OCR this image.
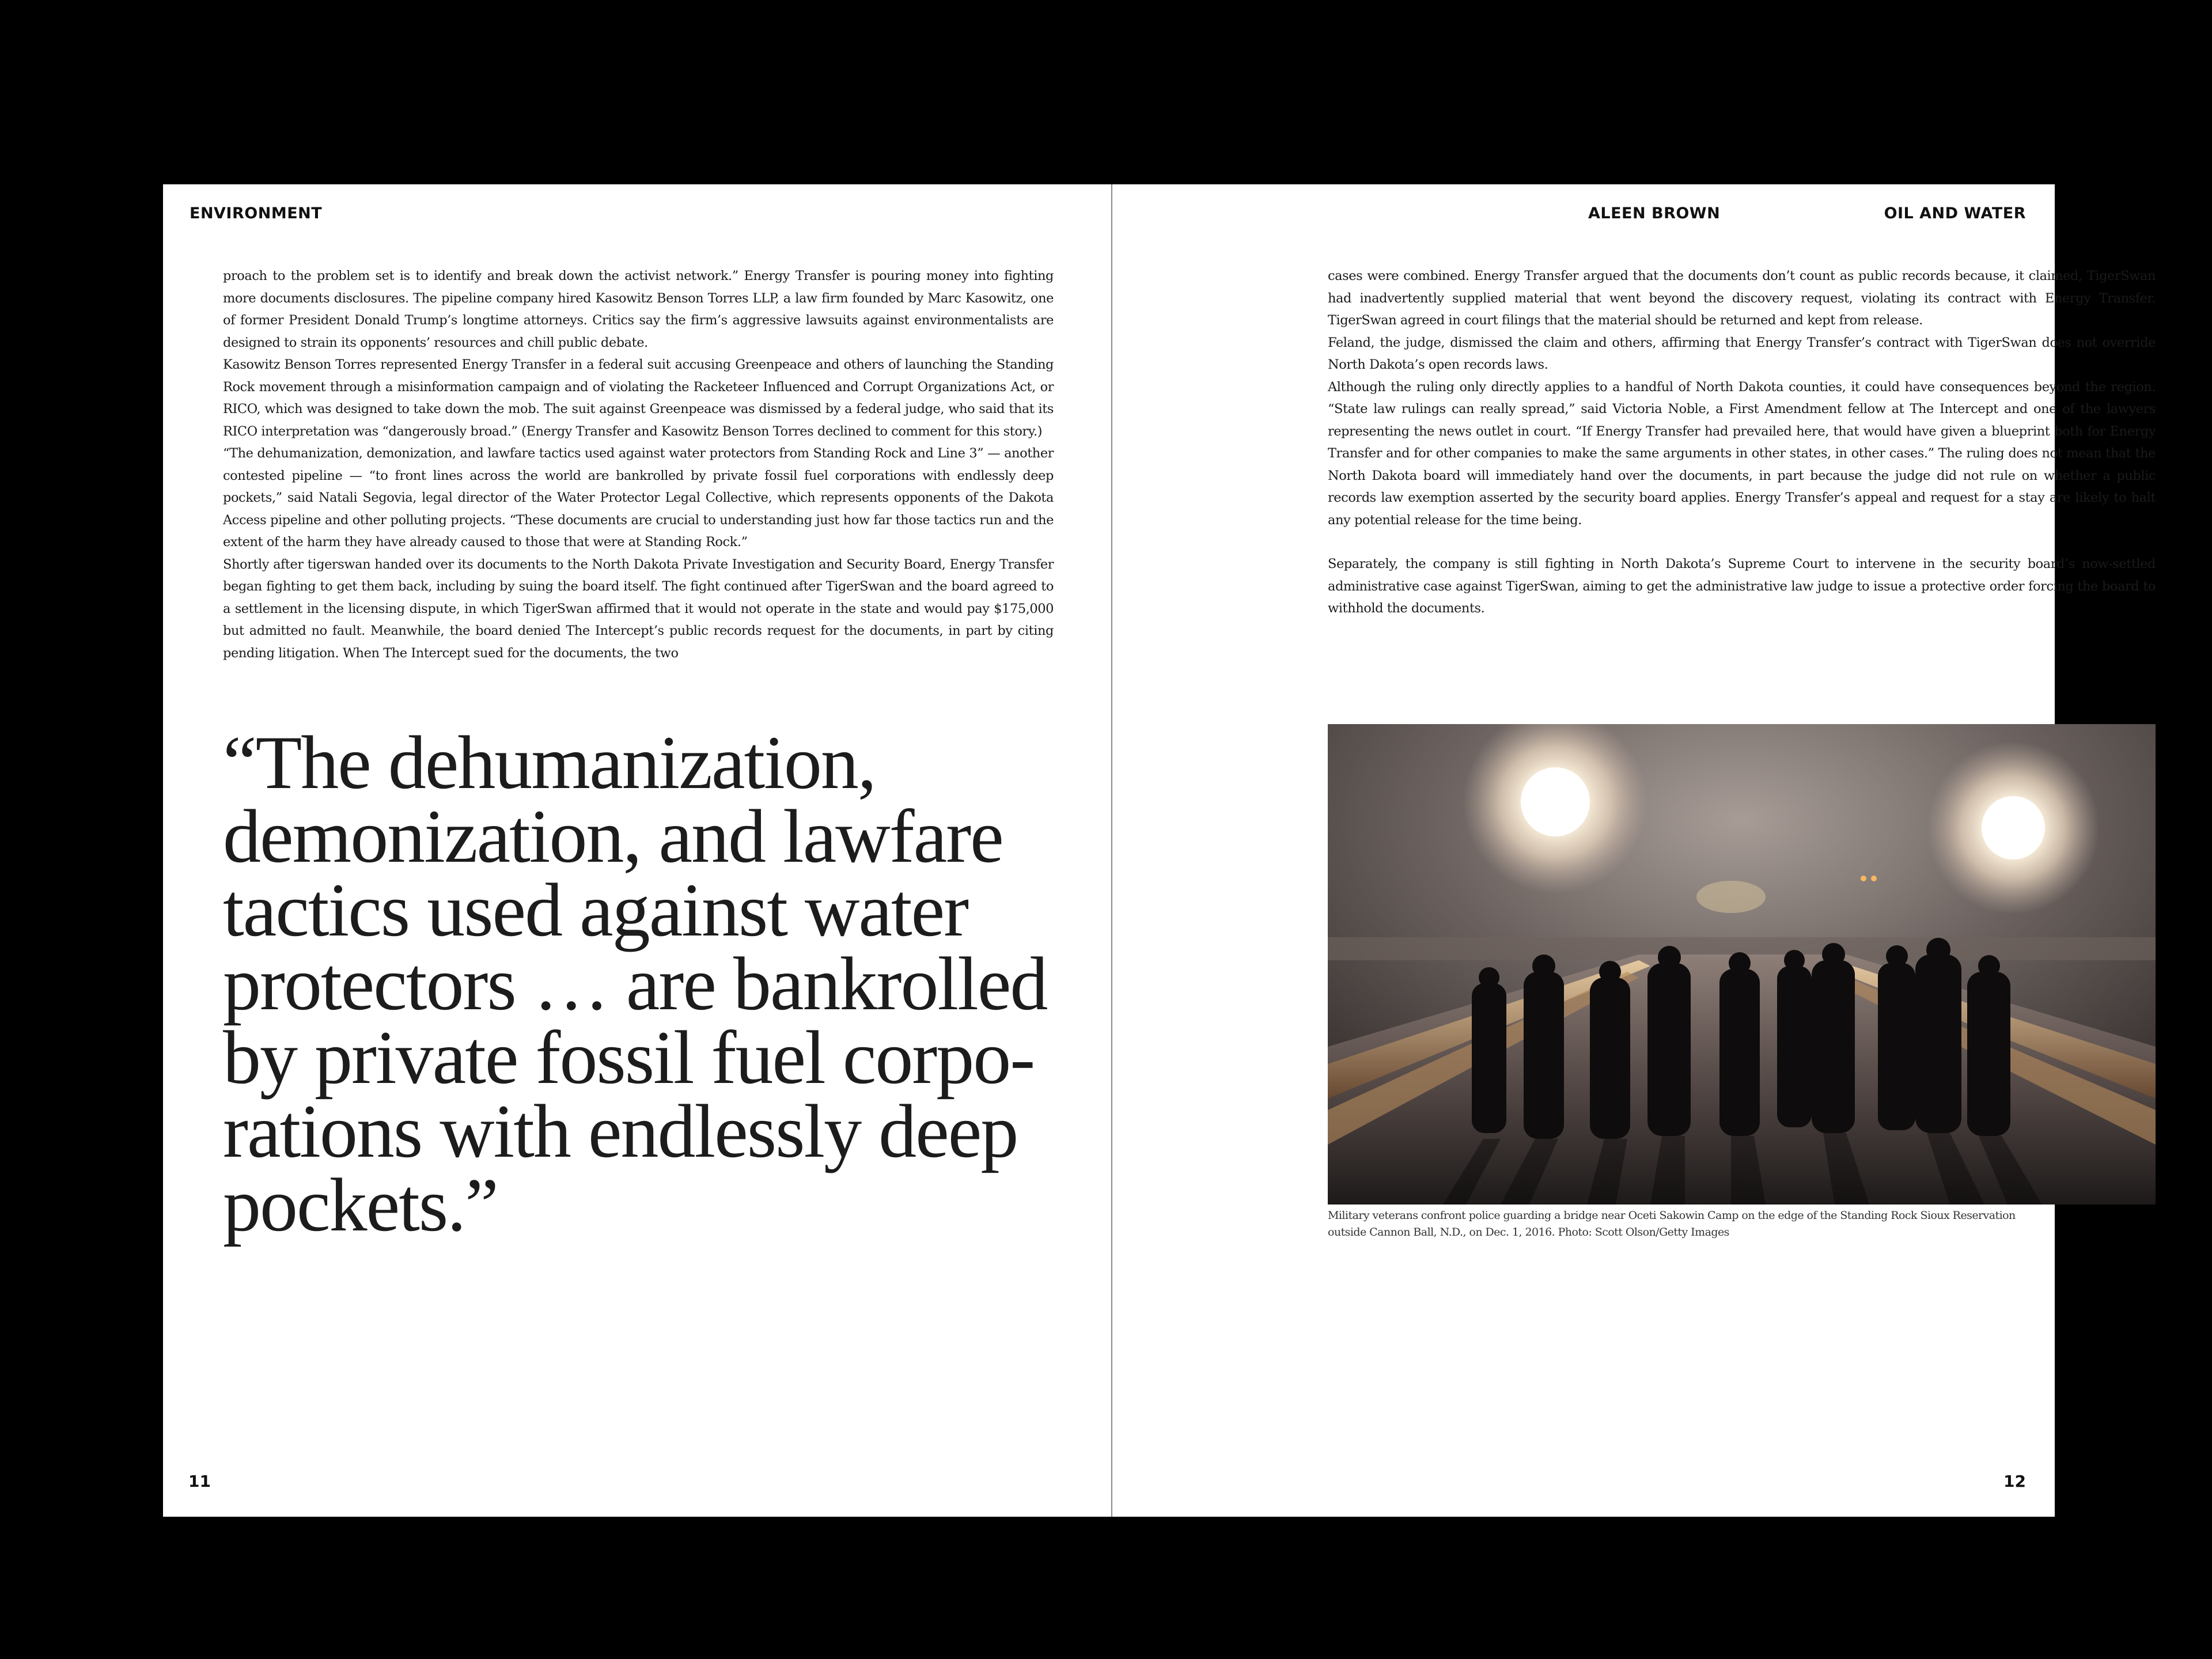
ENVIRONMENT

proach to the problem set is to identify and break down the activist network.” Energy Transfer is pouring money into fighting more documents disclosures. The pipeline company hired Kasowitz Benson Torres LLP, a law firm founded by Marc Kasowitz, one of former President Donald Trump’s longtime attorneys. Critics say the firm’s aggressive lawsuits against environmentalists are designed to strain its opponents’ resources and chill public debate.

Kasowitz Benson Torres represented Energy Transfer in a federal suit accusing Greenpeace and others of launching the Standing Rock movement through a misinformation campaign and of violating the Racketeer Influenced and Corrupt Organizations Act, or RICO, which was designed to take down the mob. The suit against Greenpeace was dismissed by a federal judge, who said that its RICO interpretation was “dangerously broad.” (Energy Transfer and Kasowitz Benson Torres declined to comment for this story.)

“The dehumanization, demonization, and lawfare tactics used against water protectors from Standing Rock and Line 3” — another contested pipeline — “to front lines across the world are bankrolled by private fossil fuel corporations with endlessly deep pockets,” said Natali Segovia, legal director of the Water Protector Legal Collective, which represents opponents of the Dakota Access pipeline and other polluting projects. “These documents are crucial to understanding just how far those tactics run and the extent of the harm they have already caused to those that were at Standing Rock.”

Shortly after tigerswan handed over its documents to the North Dakota Private Investigation and Security Board, Energy Transfer began fighting to get them back, including by suing the board itself. The fight continued after TigerSwan and the board agreed to a settlement in the licensing dispute, in which TigerSwan affirmed that it would not operate in the state and would pay $175,000 but admitted no fault. Meanwhile, the board denied The Intercept’s public records request for the documents, in part by citing pending litigation. When The Intercept sued for the documents, the two

“The dehumanization,
demonization, and lawfare
tactics used against water
protectors … are bankrolled
by private fossil fuel corpo-
rations with endlessly deep
pockets.”
11
ALEEN BROWN	OIL AND WATER

cases were combined. Energy Transfer argued that the documents don’t count as public records because, it claimed, TigerSwan had inadvertently supplied material that went beyond the discovery request, violating its contract with Energy Transfer. TigerSwan agreed in court filings that the material should be returned and kept from release.

Feland, the judge, dismissed the claim and others, affirming that Energy Transfer’s contract with TigerSwan does not override North Dakota’s open records laws.

Although the ruling only directly applies to a handful of North Dakota counties, it could have consequences beyond the region. “State law rulings can really spread,” said Victoria Noble, a First Amendment fellow at The Intercept and one of the lawyers representing the news outlet in court. “If Energy Transfer had prevailed here, that would have given a blueprint both for Energy Transfer and for other companies to make the same arguments in other states, in other cases.” The ruling does not mean that the North Dakota board will immediately hand over the documents, in part because the judge did not rule on whether a public records law exemption asserted by the security board applies. Energy Transfer’s appeal and request for a stay are likely to halt any potential release for the time being.

Separately, the company is still fighting in North Dakota’s Supreme Court to intervene in the security board’s now-settled administrative case against TigerSwan, aiming to get the administrative law judge to issue a protective order forcing the board to withhold the documents.

Military veterans confront police guarding a bridge near Oceti Sakowin Camp on the edge of the Standing Rock Sioux Reservation
outside Cannon Ball, N.D., on Dec. 1, 2016. Photo: Scott Olson/Getty Images
12
